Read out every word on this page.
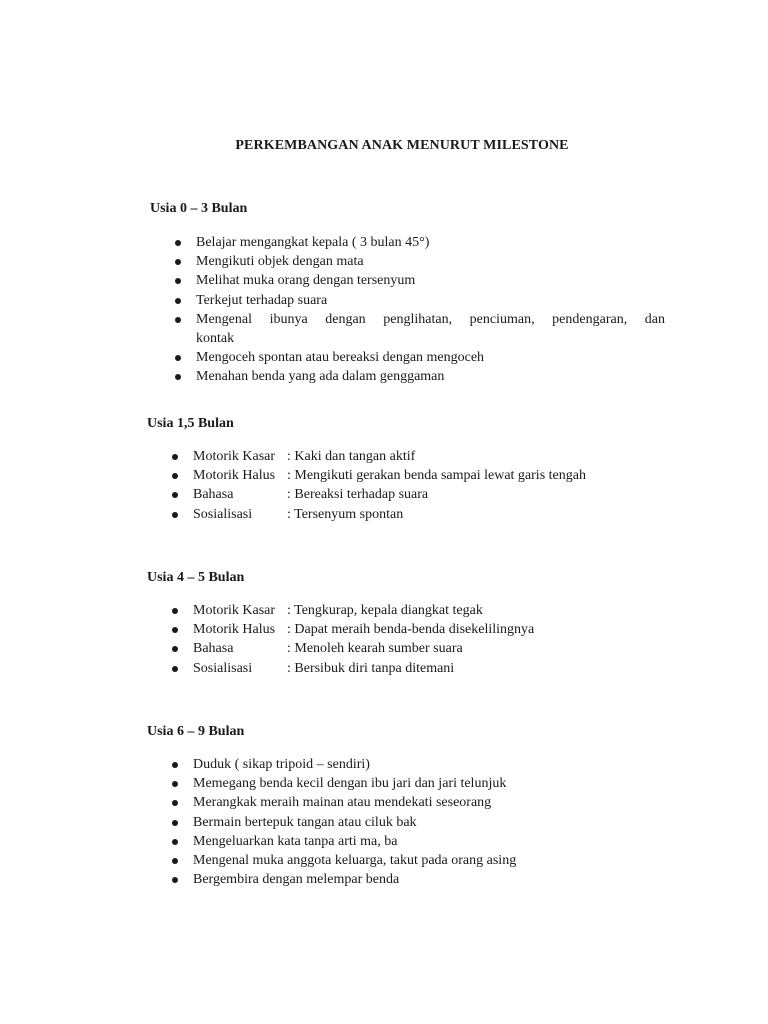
PERKEMBANGAN ANAK MENURUT MILESTONE

Usia 0 – 3 Bulan

Belajar mengangkat kepala ( 3 bulan 45°)
Mengikuti objek dengan mata
Melihat muka orang dengan tersenyum
Terkejut terhadap suara
Mengenal ibunya dengan penglihatan, penciuman, pendengaran, dan
kontak
Mengoceh spontan atau bereaksi dengan mengoceh
Menahan benda yang ada dalam genggaman

Usia 1,5 Bulan

Motorik Kasar : Kaki dan tangan aktif
Motorik Halus : Mengikuti gerakan benda sampai lewat garis tengah
Bahasa	: Bereaksi terhadap suara
Sosialisasi : Tersenyum spontan

Usia 4 – 5 Bulan

Motorik Kasar : Tengkurap, kepala diangkat tegak
Motorik Halus : Dapat meraih benda-benda disekelilingnya
Bahasa	: Menoleh kearah sumber suara
Sosialisasi : Bersibuk diri tanpa ditemani

Usia 6 – 9 Bulan

Duduk ( sikap tripoid – sendiri)
Memegang benda kecil dengan ibu jari dan jari telunjuk
Merangkak meraih mainan atau mendekati seseorang
Bermain bertepuk tangan atau ciluk bak
Mengeluarkan kata tanpa arti ma, ba
Mengenal muka anggota keluarga, takut pada orang asing
Bergembira dengan melempar benda
